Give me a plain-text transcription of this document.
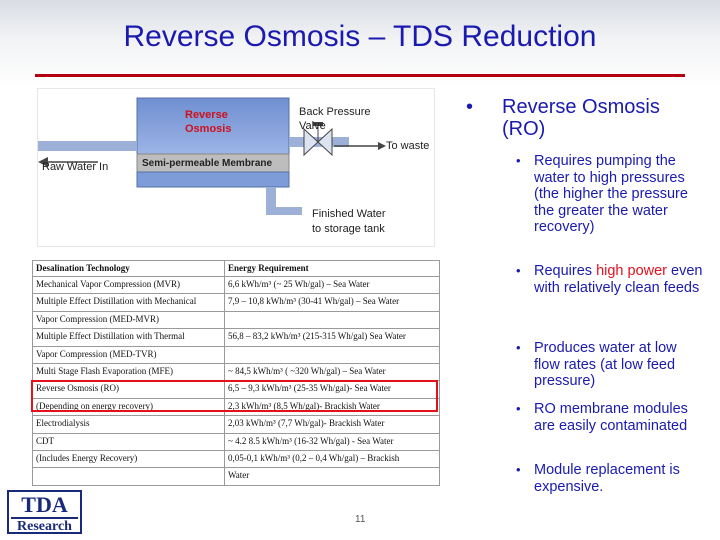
Reverse Osmosis – TDS Reduction
Reverse
Osmosis
Back Pressure
Valve
To waste
Raw Water In	Semi-permeable Membrane
Finished Water
to storage tank
Desalination Technology	Energy Requirement
Mechanical Vapor Compression (MVR)	6,6 kWh/m³ (~ 25 Wh/gal) – Sea Water
Multiple Effect Distillation with Mechanical	7,9 – 10,8 kWh/m³ (30-41 Wh/gal) – Sea Water
Vapor Compression (MED-MVR)	
Multiple Effect Distillation with Thermal	56,8 – 83,2 kWh/m³ (215-315 Wh/gal) Sea Water
Vapor Compression (MED-TVR)	
Multi Stage Flash Evaporation (MFE)	~ 84,5 kWh/m³ ( ~320 Wh/gal) – Sea Water
Reverse Osmosis (RO)	6,5 – 9,3 kWh/m³ (25-35 Wh/gal)- Sea Water
(Depending on energy recovery)	2,3 kWh/m³ (8,5 Wh/gal)- Brackish Water
Electrodialysis	2,03 kWh/m³ (7,7 Wh/gal)- Brackish Water
CDT	~ 4.2 8.5 kWh/m³ (16-32 Wh/gal) - Sea Water
(Includes Energy Recovery)	0,05-0,1 kWh/m³ (0,2 – 0,4 Wh/gal) – Brackish
	Water
• Reverse Osmosis (RO)
• Requires pumping the water to high pressures (the higher the pressure the greater the water recovery)
• Requires high power even with relatively clean feeds
• Produces water at low flow rates (at low feed pressure)
• RO membrane modules are easily contaminated
• Module replacement is expensive.
TDA
Research	11
